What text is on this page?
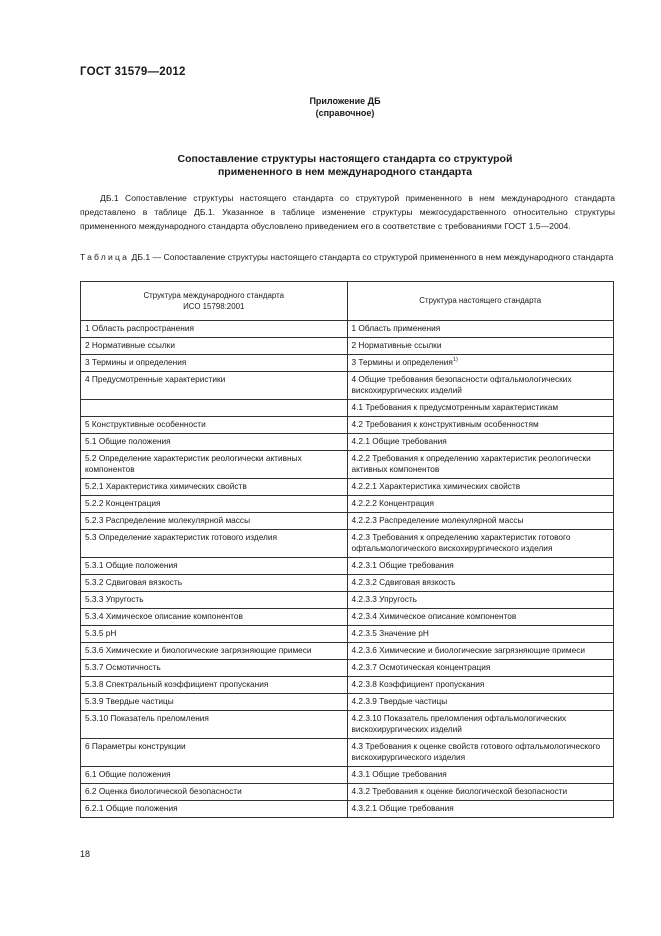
ГОСТ 31579—2012
Приложение ДБ
(справочное)
Сопоставление структуры настоящего стандарта со структурой
примененного в нем международного стандарта
ДБ.1 Сопоставление структуры настоящего стандарта со структурой примененного в нем международного стандарта представлено в таблице ДБ.1. Указанное в таблице изменение структуры межгосударственного относительно структуры примененного международного стандарта обусловлено приведением его в соответствие с требованиями ГОСТ 1.5—2004.
Таблица ДБ.1 — Сопоставление структуры настоящего стандарта со структурой примененного в нем международного стандарта
Структура международного стандарта
ИСО 15798:2001	Структура настоящего стандарта
1 Область распространения	1 Область применения
2 Нормативные ссылки	2 Нормативные ссылки
3 Термины и определения	3 Термины и определения$^{1)}$
4 Предусмотренные характеристики	4 Общие требования безопасности офтальмологических вискохирургических изделий
	4.1 Требования к предусмотренным характеристикам
5 Конструктивные особенности	4.2 Требования к конструктивным особенностям
5.1 Общие положения	4.2.1 Общие требования
5.2 Определение характеристик реологически активных компонентов	4.2.2 Требования к определению характеристик реологически активных компонентов
5.2.1 Характеристика химических свойств	4.2.2.1 Характеристика химических свойств
5.2.2 Концентрация	4.2.2.2 Концентрация
5.2.3 Распределение молекулярной массы	4.2.2.3 Распределение молекулярной массы
5.3 Определение характеристик готового изделия	4.2.3 Требования к определению характеристик готового офтальмологического вискохирургического изделия
5.3.1 Общие положения	4.2.3.1 Общие требования
5.3.2 Сдвиговая вязкость	4.2.3.2 Сдвиговая вязкость
5.3.3 Упругость	4.2.3.3 Упругость
5.3.4 Химическое описание компонентов	4.2.3.4 Химическое описание компонентов
5.3.5 pH	4.2.3.5 Значение pH
5.3.6 Химические и биологические загрязняющие примеси	4.2.3.6 Химические и биологические загрязняющие примеси
5.3.7 Осмотичность	4.2.3.7 Осмотическая концентрация
5.3.8 Спектральный коэффициент пропускания	4.2.3.8 Коэффициент пропускания
5.3.9 Твердые частицы	4.2.3.9 Твердые частицы
5.3.10 Показатель преломления	4.2.3.10 Показатель преломления офтальмологических вискохирургических изделий
6 Параметры конструкции	4.3 Требования к оценке свойств готового офтальмологического вискохирургического изделия
6.1 Общие положения	4.3.1 Общие требования
6.2 Оценка биологической безопасности	4.3.2 Требования к оценке биологической безопасности
6.2.1 Общие положения	4.3.2.1 Общие требования
18
